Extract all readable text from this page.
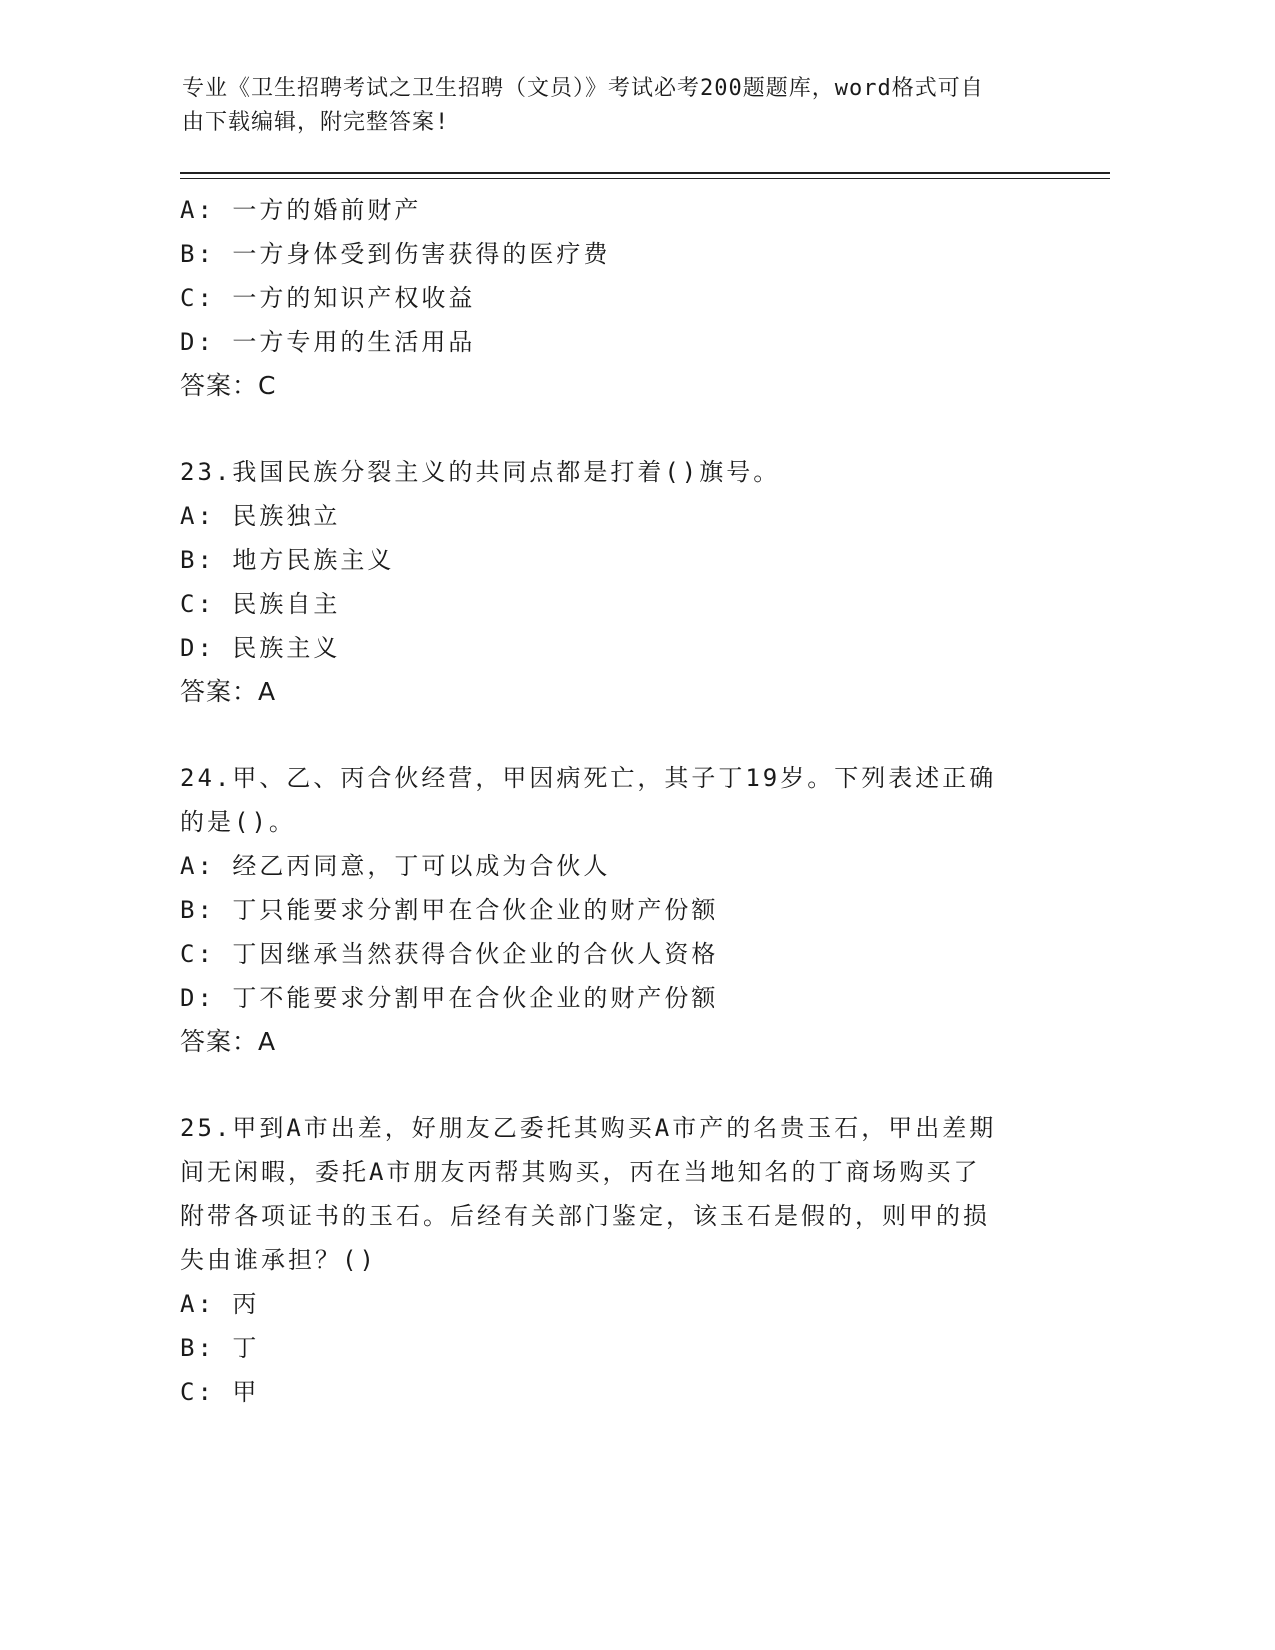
专业《卫生招聘考试之卫生招聘（文员）》考试必考200题题库，word格式可自
由下载编辑，附完整答案!
A: 一方的婚前财产
B: 一方身体受到伤害获得的医疗费
C: 一方的知识产权收益
D: 一方专用的生活用品
答案：C
23.我国民族分裂主义的共同点都是打着()旗号。
A: 民族独立
B: 地方民族主义
C: 民族自主
D: 民族主义
答案：A
24.甲、乙、丙合伙经营，甲因病死亡，其子丁19岁。下列表述正确
的是()。
A: 经乙丙同意，丁可以成为合伙人
B: 丁只能要求分割甲在合伙企业的财产份额
C: 丁因继承当然获得合伙企业的合伙人资格
D: 丁不能要求分割甲在合伙企业的财产份额
答案：A
25.甲到A市出差，好朋友乙委托其购买A市产的名贵玉石，甲出差期
间无闲暇，委托A市朋友丙帮其购买，丙在当地知名的丁商场购买了
附带各项证书的玉石。后经有关部门鉴定，该玉石是假的，则甲的损
失由谁承担？()
A: 丙
B: 丁
C: 甲
